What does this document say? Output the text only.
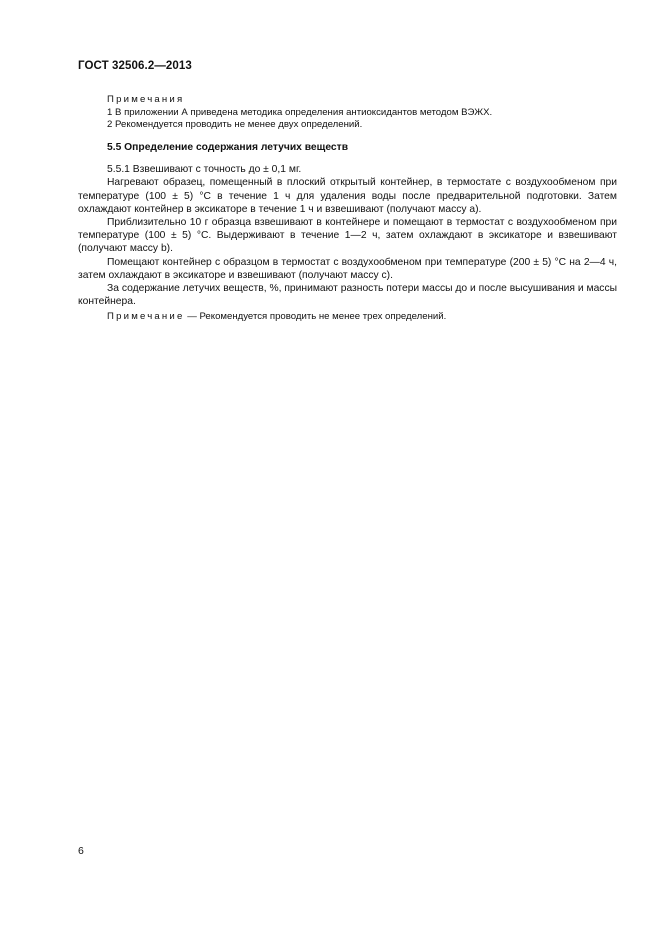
ГОСТ 32506.2—2013
Примечания
1 В приложении А приведена методика определения антиоксидантов методом ВЭЖХ.
2 Рекомендуется проводить не менее двух определений.
5.5 Определение содержания летучих веществ

5.5.1 Взвешивают с точность до ± 0,1 мг.

Нагревают образец, помещенный в плоский открытый контейнер, в термостате с воздухообменом при температуре (100 ± 5) °С в течение 1 ч для удаления воды после предварительной подготовки. Затем охлаждают контейнер в эксикаторе в течение 1 ч и взвешивают (получают массу a).

Приблизительно 10 г образца взвешивают в контейнере и помещают в термостат с воздухообменом при температуре (100 ± 5) °С. Выдерживают в течение 1—2 ч, затем охлаждают в эксикаторе и взвешивают (получают массу b).

Помещают контейнер с образцом в термостат с воздухообменом при температуре (200 ± 5) °С на 2—4 ч, затем охлаждают в эксикаторе и взвешивают (получают массу c).

За содержание летучих веществ, %, принимают разность потери массы до и после высушивания и массы контейнера.

Примечание — Рекомендуется проводить не менее трех определений.
6
